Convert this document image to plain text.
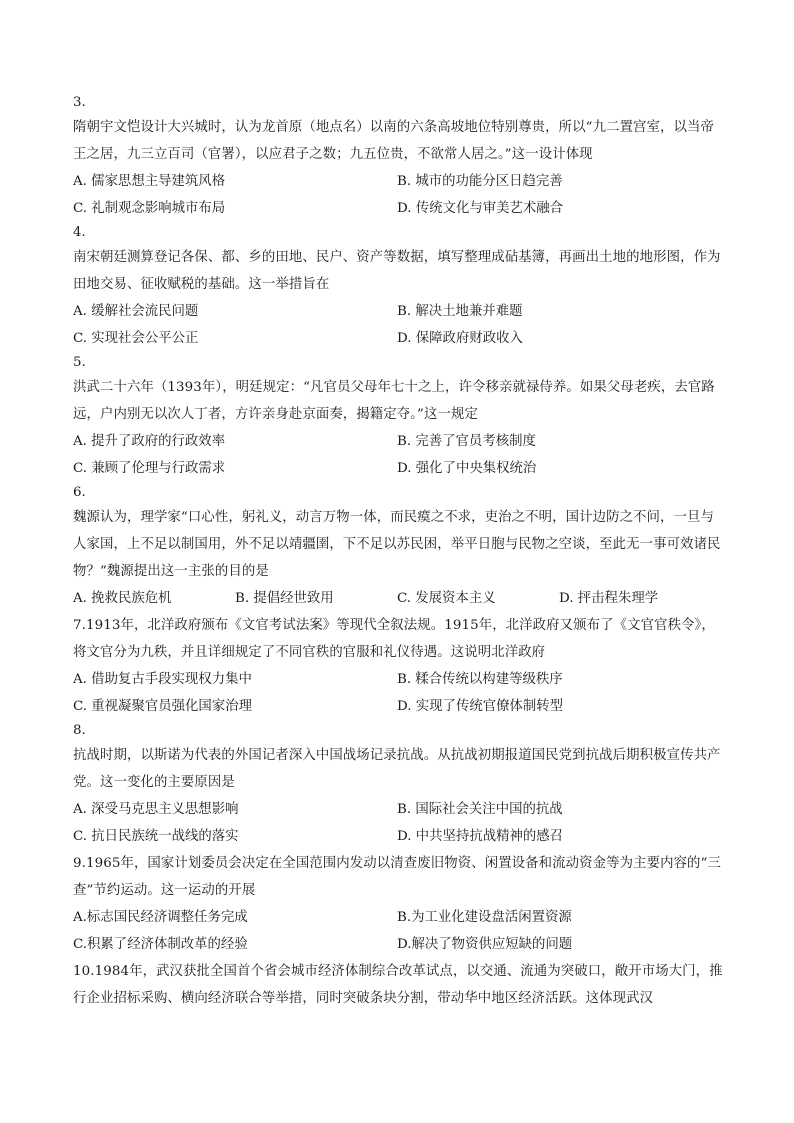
3.

隋朝宇文恺设计大兴城时，认为龙首原（地点名）以南的六条高坡地位特别尊贵，所以“九二置宫室，以当帝王之居，九三立百司（官署），以应君子之数；九五位贵，不欲常人居之。”这一设计体现

A. 儒家思想主导建筑风格	B. 城市的功能分区日趋完善
C. 礼制观念影响城市布局	D. 传统文化与审美艺术融合
4.

南宋朝廷测算登记各保、都、乡的田地、民户、资产等数据，填写整理成砧基簿，再画出土地的地形图，作为田地交易、征收赋税的基础。这一举措旨在

A. 缓解社会流民问题	B. 解决土地兼并难题
C. 实现社会公平公正	D. 保障政府财政收入
5.

洪武二十六年（1393年），明廷规定：“凡官员父母年七十之上，许令移亲就禄侍养。如果父母老疾，去官路远，户内别无以次人丁者，方许亲身赴京面奏，揭籍定夺。”这一规定

A. 提升了政府的行政效率	B. 完善了官员考核制度
C. 兼顾了伦理与行政需求	D. 强化了中央集权统治
6.

魏源认为，理学家“口心性，躬礼义，动言万物一体，而民瘼之不求，吏治之不明，国计边防之不问，一旦与人家国，上不足以制国用，外不足以靖疆圉，下不足以苏民困，举平日胞与民物之空谈，至此无一事可效诸民物？”魏源提出这一主张的目的是

A. 挽救民族危机	B. 提倡经世致用	C. 发展资本主义	D. 抨击程朱理学

7.1913年，北洋政府颁布《文官考试法案》等现代全叙法规。1915年，北洋政府又颁布了《文官官秩令》，将文官分为九秩，并且详细规定了不同官秩的官服和礼仪待遇。这说明北洋政府

A. 借助复古手段实现权力集中	B. 糅合传统以构建等级秩序
C. 重视凝聚官员强化国家治理	D. 实现了传统官僚体制转型
8.

抗战时期，以斯诺为代表的外国记者深入中国战场记录抗战。从抗战初期报道国民党到抗战后期积极宣传共产党。这一变化的主要原因是

A. 深受马克思主义思想影响	B. 国际社会关注中国的抗战
C. 抗日民族统一战线的落实	D. 中共坚持抗战精神的感召

9.1965年，国家计划委员会决定在全国范围内发动以清查废旧物资、闲置设备和流动资金等为主要内容的“三查”节约运动。这一运动的开展

A.标志国民经济调整任务完成	B.为工业化建设盘活闲置资源
C.积累了经济体制改革的经验	D.解决了物资供应短缺的问题

10.1984年，武汉获批全国首个省会城市经济体制综合改革试点，以交通、流通为突破口，敞开市场大门，推行企业招标采购、横向经济联合等举措，同时突破条块分割，带动华中地区经济活跃。这体现武汉
